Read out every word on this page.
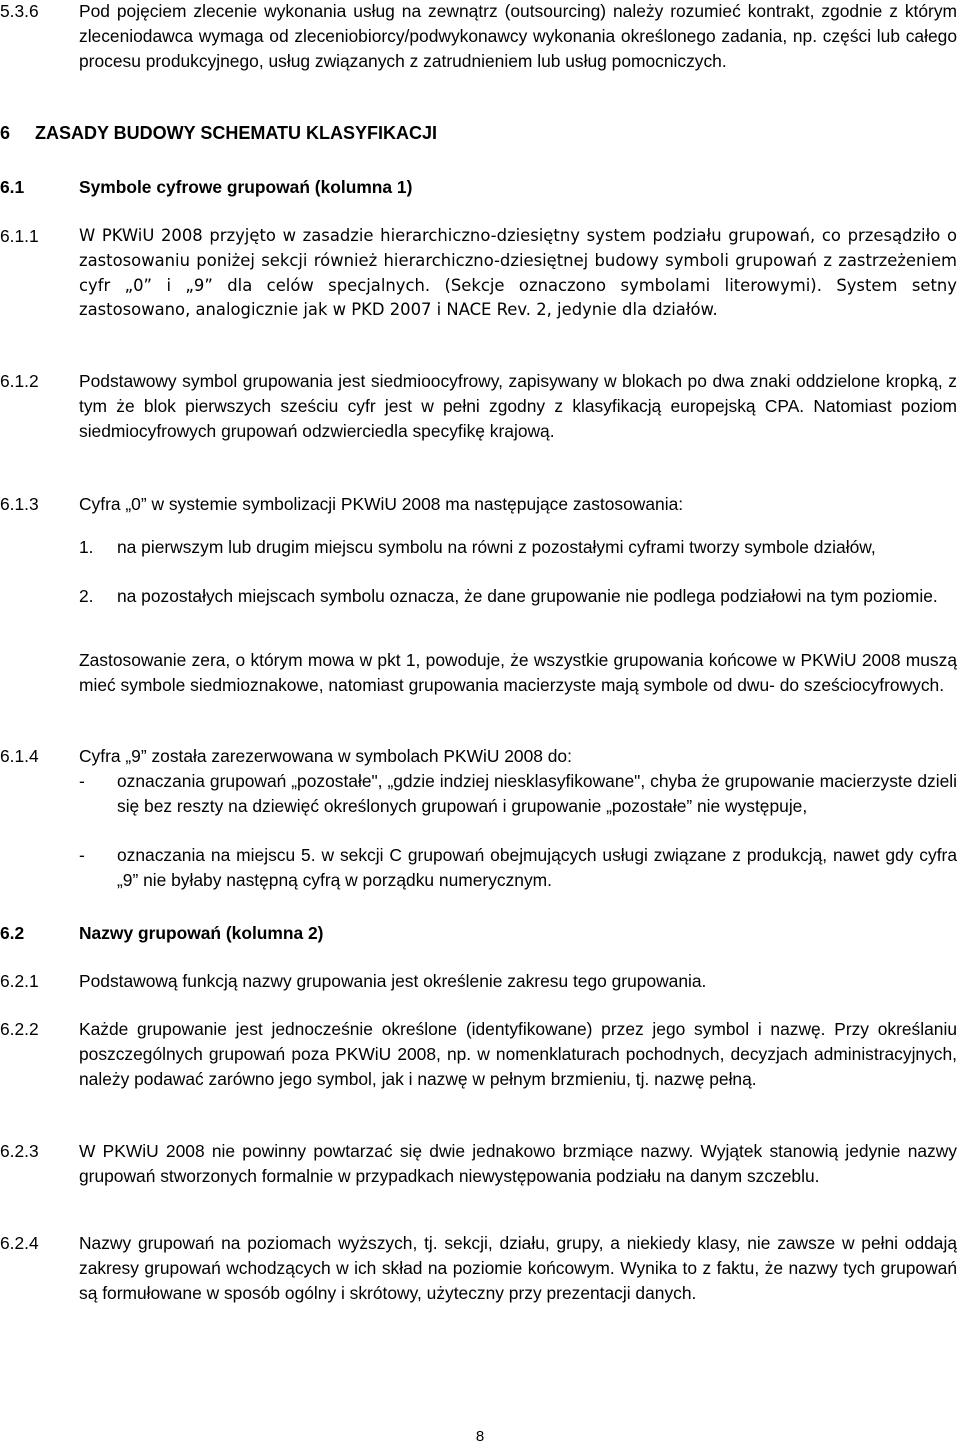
5.3.6 Pod pojęciem zlecenie wykonania usług na zewnątrz (outsourcing) należy rozumieć kontrakt, zgodnie z którym zleceniodawca wymaga od zleceniobiorcy/podwykonawcy wykonania określonego zadania, np. części lub całego procesu produkcyjnego, usług związanych z zatrudnieniem lub usług pomocniczych.
6 ZASADY BUDOWY SCHEMATU KLASYFIKACJI
6.1	Symbole cyfrowe grupowań (kolumna 1)
6.1.1 W PKWiU 2008 przyjęto w zasadzie hierarchiczno-dziesiętny system podziału grupowań, co przesądziło o zastosowaniu poniżej sekcji również hierarchiczno-dziesiętnej budowy symboli grupowań z zastrzeżeniem cyfr „0” i „9” dla celów specjalnych. (Sekcje oznaczono symbolami literowymi). System setny zastosowano, analogicznie jak w PKD 2007 i NACE Rev. 2, jedynie dla działów.
6.1.2 Podstawowy symbol grupowania jest siedmioocyfrowy, zapisywany w blokach po dwa znaki oddzielone kropką, z tym że blok pierwszych sześciu cyfr jest w pełni zgodny z klasyfikacją europejską CPA. Natomiast poziom siedmiocyfrowych grupowań odzwierciedla specyfikę krajową.
6.1.3 Cyfra „0” w systemie symbolizacji PKWiU 2008 ma następujące zastosowania:
1. na pierwszym lub drugim miejscu symbolu na równi z pozostałymi cyframi tworzy symbole działów,
2. na pozostałych miejscach symbolu oznacza, że dane grupowanie nie podlega podziałowi na tym poziomie.
Zastosowanie zera, o którym mowa w pkt 1, powoduje, że wszystkie grupowania końcowe w PKWiU 2008 muszą mieć symbole siedmioznakowe, natomiast grupowania macierzyste mają symbole od dwu- do sześciocyfrowych.
6.1.4 Cyfra „9” została zarezerwowana w symbolach PKWiU 2008 do:
- oznaczania grupowań „pozostałe", „gdzie indziej niesklasyfikowane", chyba że grupowanie macierzyste dzieli się bez reszty na dziewięć określonych grupowań i grupowanie „pozostałe” nie występuje,
- oznaczania na miejscu 5. w sekcji C grupowań obejmujących usługi związane z produkcją, nawet gdy cyfra „9” nie byłaby następną cyfrą w porządku numerycznym.
6.2	Nazwy grupowań (kolumna 2)
6.2.1 Podstawową funkcją nazwy grupowania jest określenie zakresu tego grupowania.
6.2.2 Każde grupowanie jest jednocześnie określone (identyfikowane) przez jego symbol i nazwę. Przy określaniu poszczególnych grupowań poza PKWiU 2008, np. w nomenklaturach pochodnych, decyzjach administracyjnych, należy podawać zarówno jego symbol, jak i nazwę w pełnym brzmieniu, tj. nazwę pełną.
6.2.3 W PKWiU 2008 nie powinny powtarzać się dwie jednakowo brzmiące nazwy. Wyjątek stanowią jedynie nazwy grupowań stworzonych formalnie w przypadkach niewystępowania podziału na danym szczeblu.
6.2.4 Nazwy grupowań na poziomach wyższych, tj. sekcji, działu, grupy, a niekiedy klasy, nie zawsze w pełni oddają zakresy grupowań wchodzących w ich skład na poziomie końcowym. Wynika to z faktu, że nazwy tych grupowań są formułowane w sposób ogólny i skrótowy, użyteczny przy prezentacji danych.
8
